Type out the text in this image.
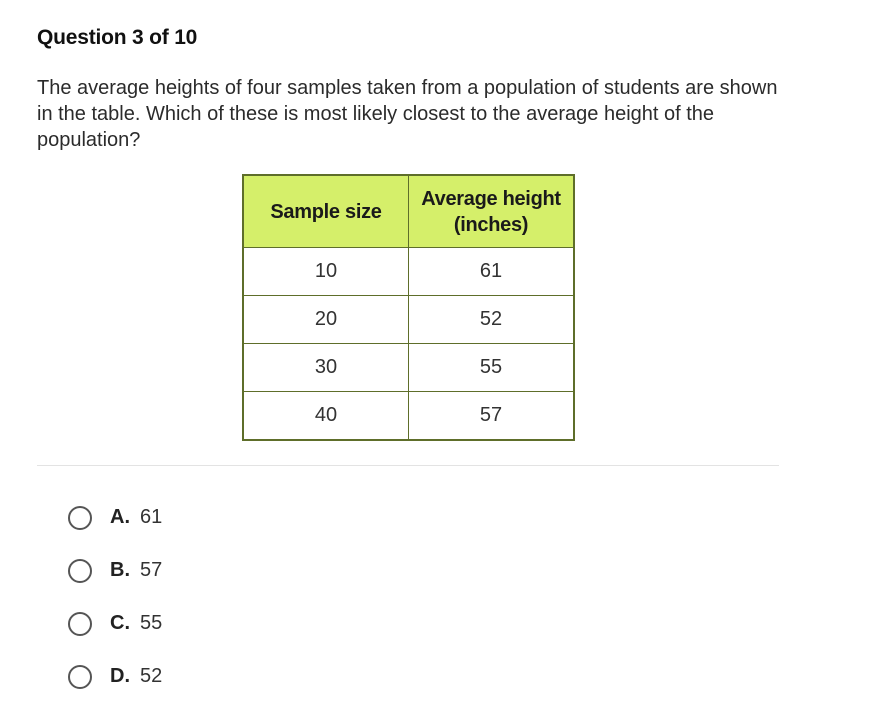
Question 3 of 10
The average heights of four samples taken from a population of students are shown in the table. Which of these is most likely closest to the average height of the population?
Sample size	Average height (inches)
10	61
20	52
30	55
40	57
A. 61
B. 57
C. 55
D. 52
